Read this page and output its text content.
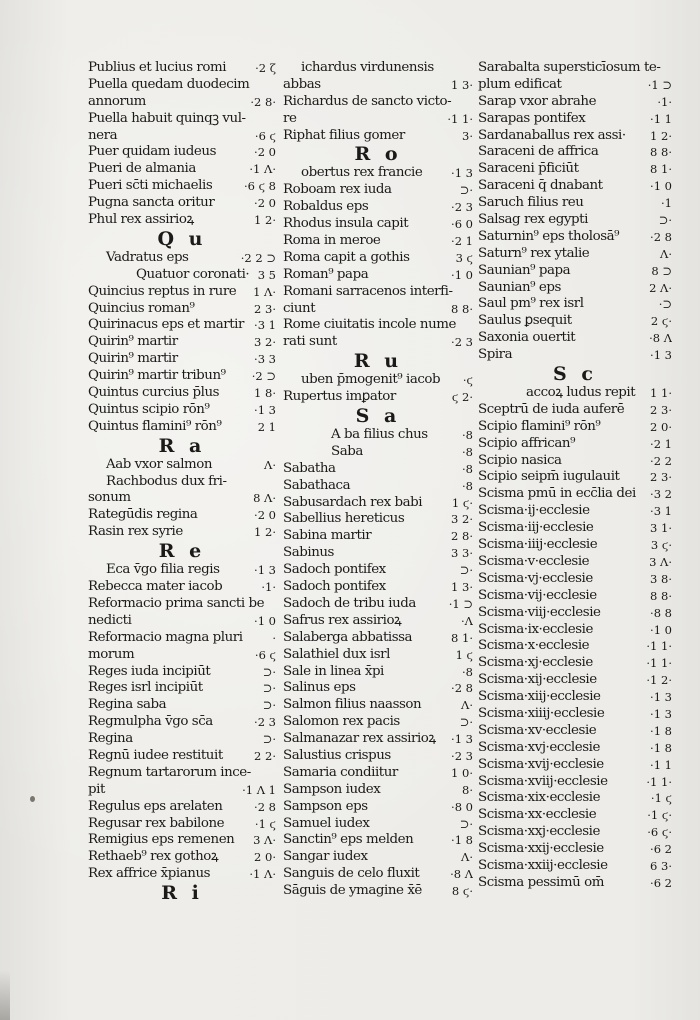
Publius et lucius romi	·2 ζ
Puella quedam duodecim
annorum	·2 8·
Puella habuit quinqꝫ vul-
nera	·6 ϛ
Puer quidam iudeus	·2 0
Pueri de almania	·1 Λ·
Pueri sc̄ti michaelis	·6 ϛ 8
Pugna sancta oritur	·2 0
Phul rex assirioꝝ	1 2·
Q u
Vadratus eps	·2 2 ⊃
Quatuor coronati· 3 5
Quincius reptus in rure 1 Λ·
Quincius roman⁹	2 3·
Quirinacus eps et martir ·3 1
Quirin⁹ martir	3 2·
Quirin⁹ martir	·3 3
Quirin⁹ martir tribun⁹ ·2 ⊃
Quintus curcius p̄lus	1 8·
Quintus scipio rōn⁹	·1 3
Quintus flamini⁹ rōn⁹	2 1
R a
Aab vxor salmon	Λ·
Rachbodus dux fri-
sonum	8 Λ·
Rategūdis regina	·2 0
Rasin rex syrie	1 2·
R e
Eca v̄go filia regis	·1 3
Rebecca mater iacob	·1·
Reformacio prima sancti be
nedicti	·1 0
Reformacio magna pluri	·
morum	·6 ϛ
Reges iuda incipiūt	⊃·
Reges isrl̄ incipiūt	⊃·
Regina saba	⊃·
Regmulpha v̄go sc̄a	·2 3
Regina	⊃·
Regnū iudee restituit	2 2·
Regnum tartarorum ince-
pit	·1 Λ 1
Regulus eps arelaten	·2 8
Regusar rex babilone	·1 ϛ
Remigius eps remenen 3 Λ·
Rethaeb⁹ rex gothoꝝ	2 0·
Rex affrice x̄pianus	·1 Λ·
R i
ichardus virdunensis
abbas	1 3·
Richardus de sancto victo-
re	·1 1·
Riphat filius gomer	3·
R o
obertus rex francie ·1 3
Roboam rex iuda	⊃·
Robaldus eps	·2 3
Rhodus insula capit	·6 0
Roma in meroe	·2 1
Roma capit a gothis	3 ϛ
Roman⁹ papa	·1 0
Romani sarracenos interfi-
ciunt	8 8·
Rome ciuitatis incole nume
rati sunt	·2 3
R u
uben p̄mogenit⁹ iacob ·ϛ
Rupertus imꝑator	ϛ 2·
S a
A ba filius chus	·8
Saba	·8
Sabatha	·8
Sabathaca	·8
Sabusardach rex babi	1 ϛ·
Sabellius hereticus	3 2·
Sabina martir	2 8·
Sabinus	3 3·
Sadoch pontifex	⊃·
Sadoch pontifex	1 3·
Sadoch de tribu iuda	·1 ⊃
Safrus rex assirioꝝ	·Λ
Salaberga abbatissa	8 1·
Salathiel dux isrl̄	1 ϛ
Sale in linea x̄pi	·8
Salinus eps	·2 8
Salmon filius naasson	Λ·
Salomon rex pacis	⊃·
Salmanazar rex assirioꝝ ·1 3
Salustius crispus	·2 3
Samaria condiitur	1 0·
Sampson iudex	8·
Sampson eps	·8 0
Samuel iudex	⊃·
Sanctin⁹ eps melden	·1 8
Sangar iudex	Λ·
Sanguis de celo fluxit	·8 Λ
Sāguis de ymagine x̄ē	8 ϛ·
Sarabalta supersticīosum te-
plum edificat	·1 ⊃
Sarap vxor abrahe	·1·
Sarapas pontifex	·1 1
Sardanaballus rex assi· 1 2·
Saraceni de affrica	8 8·
Saraceni p̄ficiūt	8 1·
Saraceni q̄ dnabant	·1 0
Saruch filius reu	·1
Salsag rex egypti	⊃·
Saturnin⁹ eps tholosā⁹	·2 8
Saturn⁹ rex ytalie	Λ·
Saunian⁹ papa	8 ⊃
Saunian⁹ eps	2 Λ·
Saul pm⁹ rex isrl̄	·⊃
Saulus ꝑsequit	2 ϛ·
Saxonia ouertit	·8 Λ
Spira	·1 3
S c
accoꝝ ludus repit 1 1·
Sceptrū de iuda auferē 2 3·
Scipio flamini⁹ rōn⁹	2 0·
Scipio affrican⁹	·2 1
Scipio nasica	·2 2
Scipio seipm̄ iugulauit	2 3·
Scisma pmū in ecc̄lia dei ·3 2
Scisma·ij·ecclesie	·3 1
Scisma·iij·ecclesie	3 1·
Scisma·iiij·ecclesie	3 ϛ·
Scisma·v·ecclesie	3 Λ·
Scisma·vj·ecclesie	3 8·
Scisma·vij·ecclesie	8 8·
Scisma·viij·ecclesie	·8 8
Scisma·ix·ecclesie	·1 0
Scisma·x·ecclesie	·1 1·
Scisma·xj·ecclesie	·1 1·
Scisma·xij·ecclesie	·1 2·
Scisma·xiij·ecclesie	·1 3
Scisma·xiiij·ecclesie	·1 3
Scisma·xv·ecclesie	·1 8
Scisma·xvj·ecclesie	·1 8
Scisma·xvij·ecclesie	·1 1
Scisma·xviij·ecclesie	·1 1·
Scisma·xix·ecclesie	·1 ϛ
Scisma·xx·ecclesie	·1 ϛ·
Scisma·xxj·ecclesie	·6 ϛ·
Scisma·xxij·ecclesie	·6 2
Scisma·xxiij·ecclesie	6 3·
Scisma pessimū om̄	·6 2
